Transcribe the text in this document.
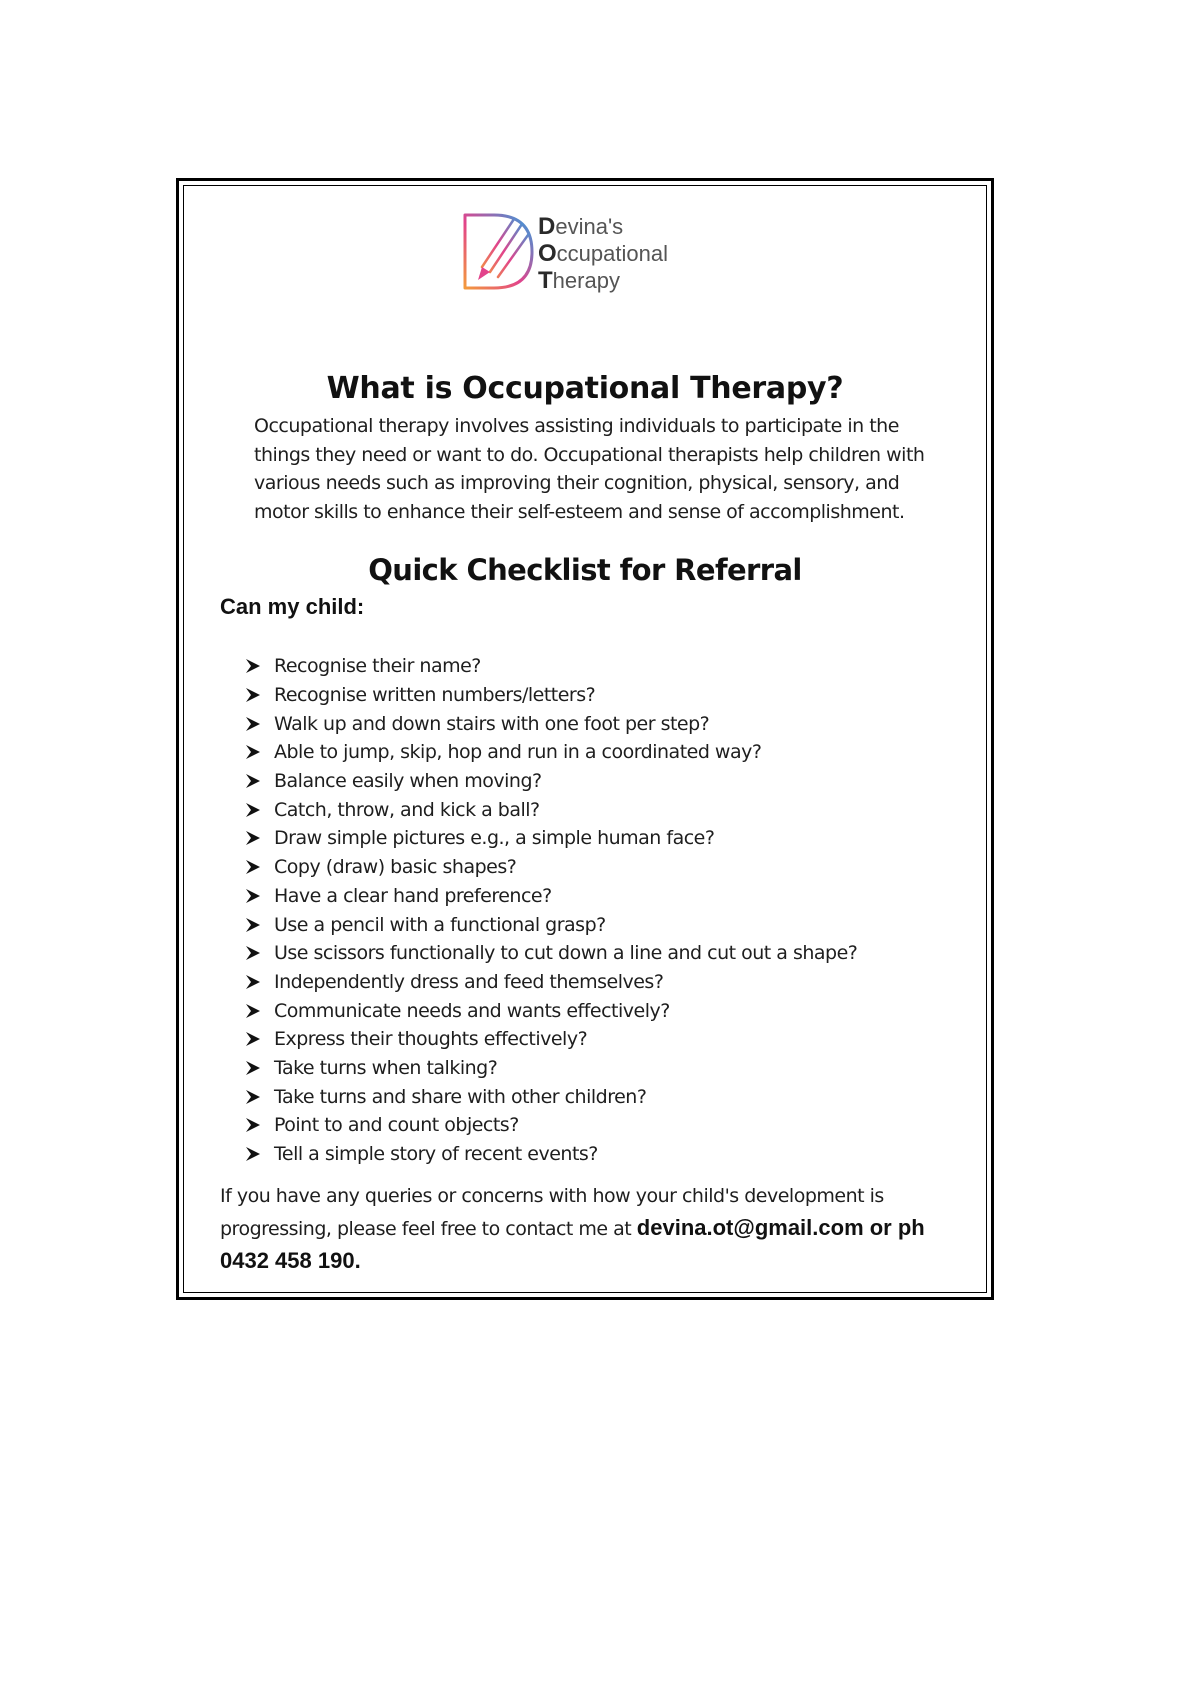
Devina's
Occupational
Therapy
What is Occupational Therapy?

Occupational therapy involves assisting individuals to participate in the things they need or want to do. Occupational therapists help children with various needs such as improving their cognition, physical, sensory, and motor skills to enhance their self-esteem and sense of accomplishment.

Quick Checklist for Referral

Can my child:

Recognise their name?
Recognise written numbers/letters?
Walk up and down stairs with one foot per step?
Able to jump, skip, hop and run in a coordinated way?
Balance easily when moving?
Catch, throw, and kick a ball?
Draw simple pictures e.g., a simple human face?
Copy (draw) basic shapes?
Have a clear hand preference?
Use a pencil with a functional grasp?
Use scissors functionally to cut down a line and cut out a shape?
Independently dress and feed themselves?
Communicate needs and wants effectively?
Express their thoughts effectively?
Take turns when talking?
Take turns and share with other children?
Point to and count objects?
Tell a simple story of recent events?

If you have any queries or concerns with how your child's development is progressing, please feel free to contact me at devina.ot@gmail.com or ph 0432 458 190.
